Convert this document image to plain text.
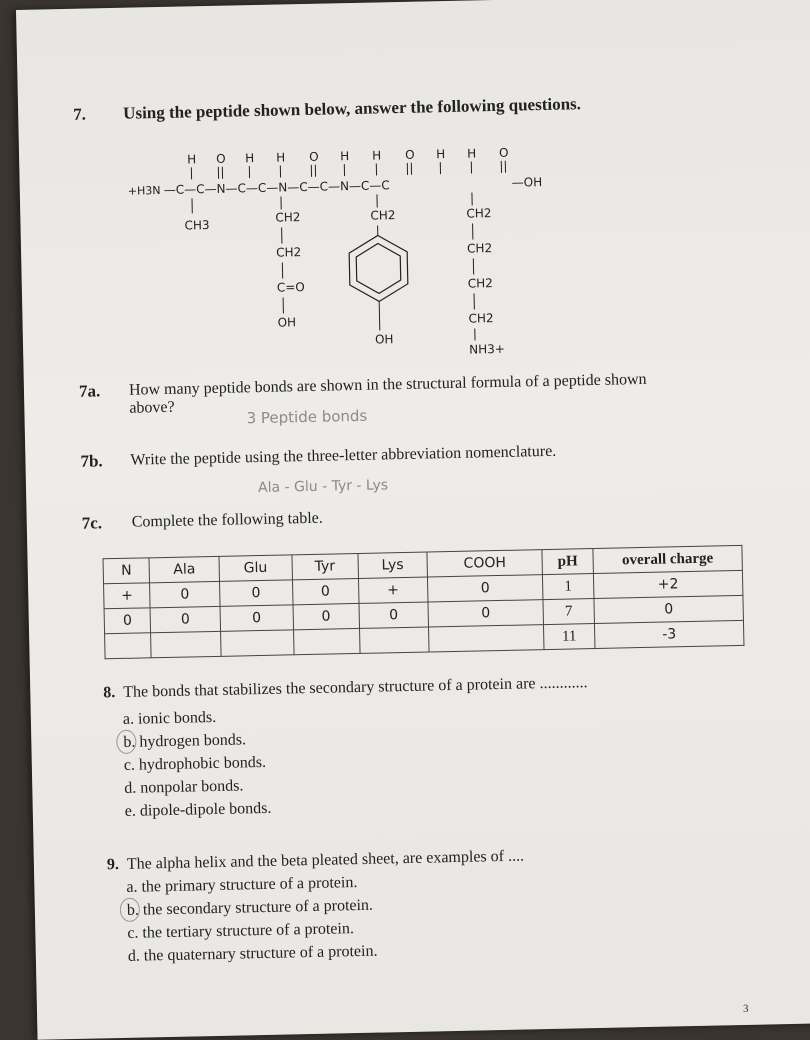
7. Using the peptide shown below, answer the following questions.
H O H H O H H O H H O
+H3N —C—C—N—C—C—N—C—C—N—C—C	—OH
CH3
CH2
CH2
C=O
OH
CH2
OH
CH2
CH2
CH2
CH2
NH3+
7a. How many peptide bonds are shown in the structural formula of a peptide shown
above?	3 Peptide bonds
7b. Write the peptide using the three-letter abbreviation nomenclature.
Ala - Glu - Tyr - Lys
7c. Complete the following table.
N	Ala	Glu	Tyr	Lys	COOH	pH	overall charge
+	0	0	0	+	0	1	+2
0	0	0	0	0	0	7	0
						11	-3
8. The bonds that stabilizes the secondary structure of a protein are ............
a. ionic bonds.
b. hydrogen bonds.
c. hydrophobic bonds.
d. nonpolar bonds.
e. dipole-dipole bonds.
9. The alpha helix and the beta pleated sheet, are examples of ....
a. the primary structure of a protein.
b. the secondary structure of a protein.
c. the tertiary structure of a protein.
d. the quaternary structure of a protein.
3
